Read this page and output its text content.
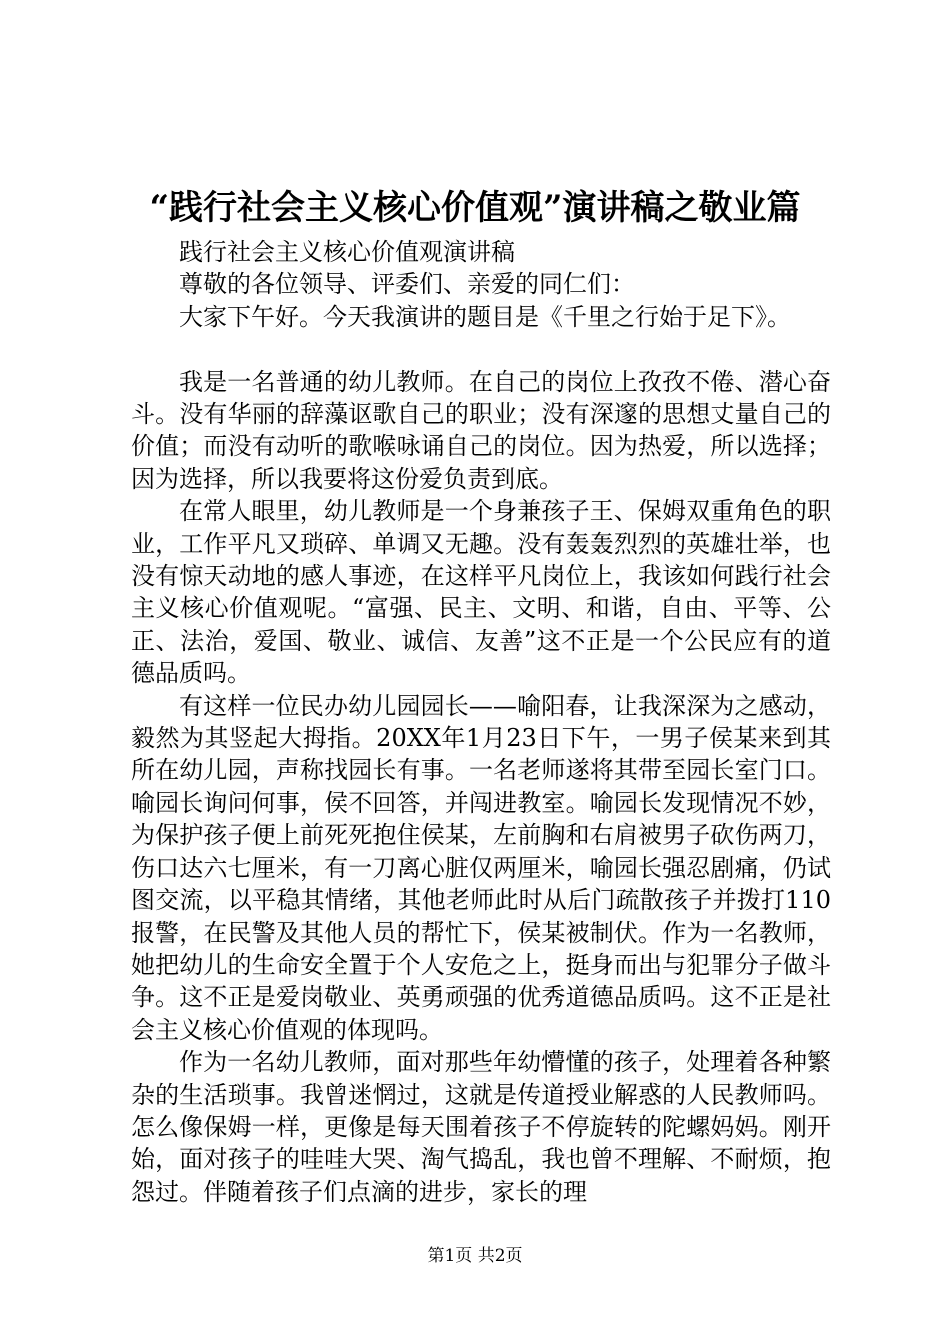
“践行社会主义核心价值观”演讲稿之敬业篇

践行社会主义核心价值观演讲稿

尊敬的各位领导、评委们、亲爱的同仁们：

大家下午好。今天我演讲的题目是《千里之行始于足下》。

我是一名普通的幼儿教师。在自己的岗位上孜孜不倦、潜心奋斗。没有华丽的辞藻讴歌自己的职业；没有深邃的思想丈量自己的价值；而没有动听的歌喉咏诵自己的岗位。因为热爱，所以选择；因为选择，所以我要将这份爱负责到底。

在常人眼里，幼儿教师是一个身兼孩子王、保姆双重角色的职业，工作平凡又琐碎、单调又无趣。没有轰轰烈烈的英雄壮举，也没有惊天动地的感人事迹，在这样平凡岗位上，我该如何践行社会主义核心价值观呢。“富强、民主、文明、和谐，自由、平等、公正、法治，爱国、敬业、诚信、友善”这不正是一个公民应有的道德品质吗。

有这样一位民办幼儿园园长——喻阳春，让我深深为之感动，毅然为其竖起大拇指。20XX年1月23日下午，一男子侯某来到其所在幼儿园，声称找园长有事。一名老师遂将其带至园长室门口。喻园长询问何事，侯不回答，并闯进教室。喻园长发现情况不妙，为保护孩子便上前死死抱住侯某，左前胸和右肩被男子砍伤两刀，伤口达六七厘米，有一刀离心脏仅两厘米，喻园长强忍剧痛，仍试图交流，以平稳其情绪，其他老师此时从后门疏散孩子并拨打110报警，在民警及其他人员的帮忙下，侯某被制伏。作为一名教师，她把幼儿的生命安全置于个人安危之上，挺身而出与犯罪分子做斗争。这不正是爱岗敬业、英勇顽强的优秀道德品质吗。这不正是社会主义核心价值观的体现吗。

作为一名幼儿教师，面对那些年幼懵懂的孩子，处理着各种繁杂的生活琐事。我曾迷惘过，这就是传道授业解惑的人民教师吗。怎么像保姆一样，更像是每天围着孩子不停旋转的陀螺妈妈。刚开始，面对孩子的哇哇大哭、淘气捣乱，我也曾不理解、不耐烦，抱怨过。伴随着孩子们点滴的进步，家长的理

第1页 共2页
